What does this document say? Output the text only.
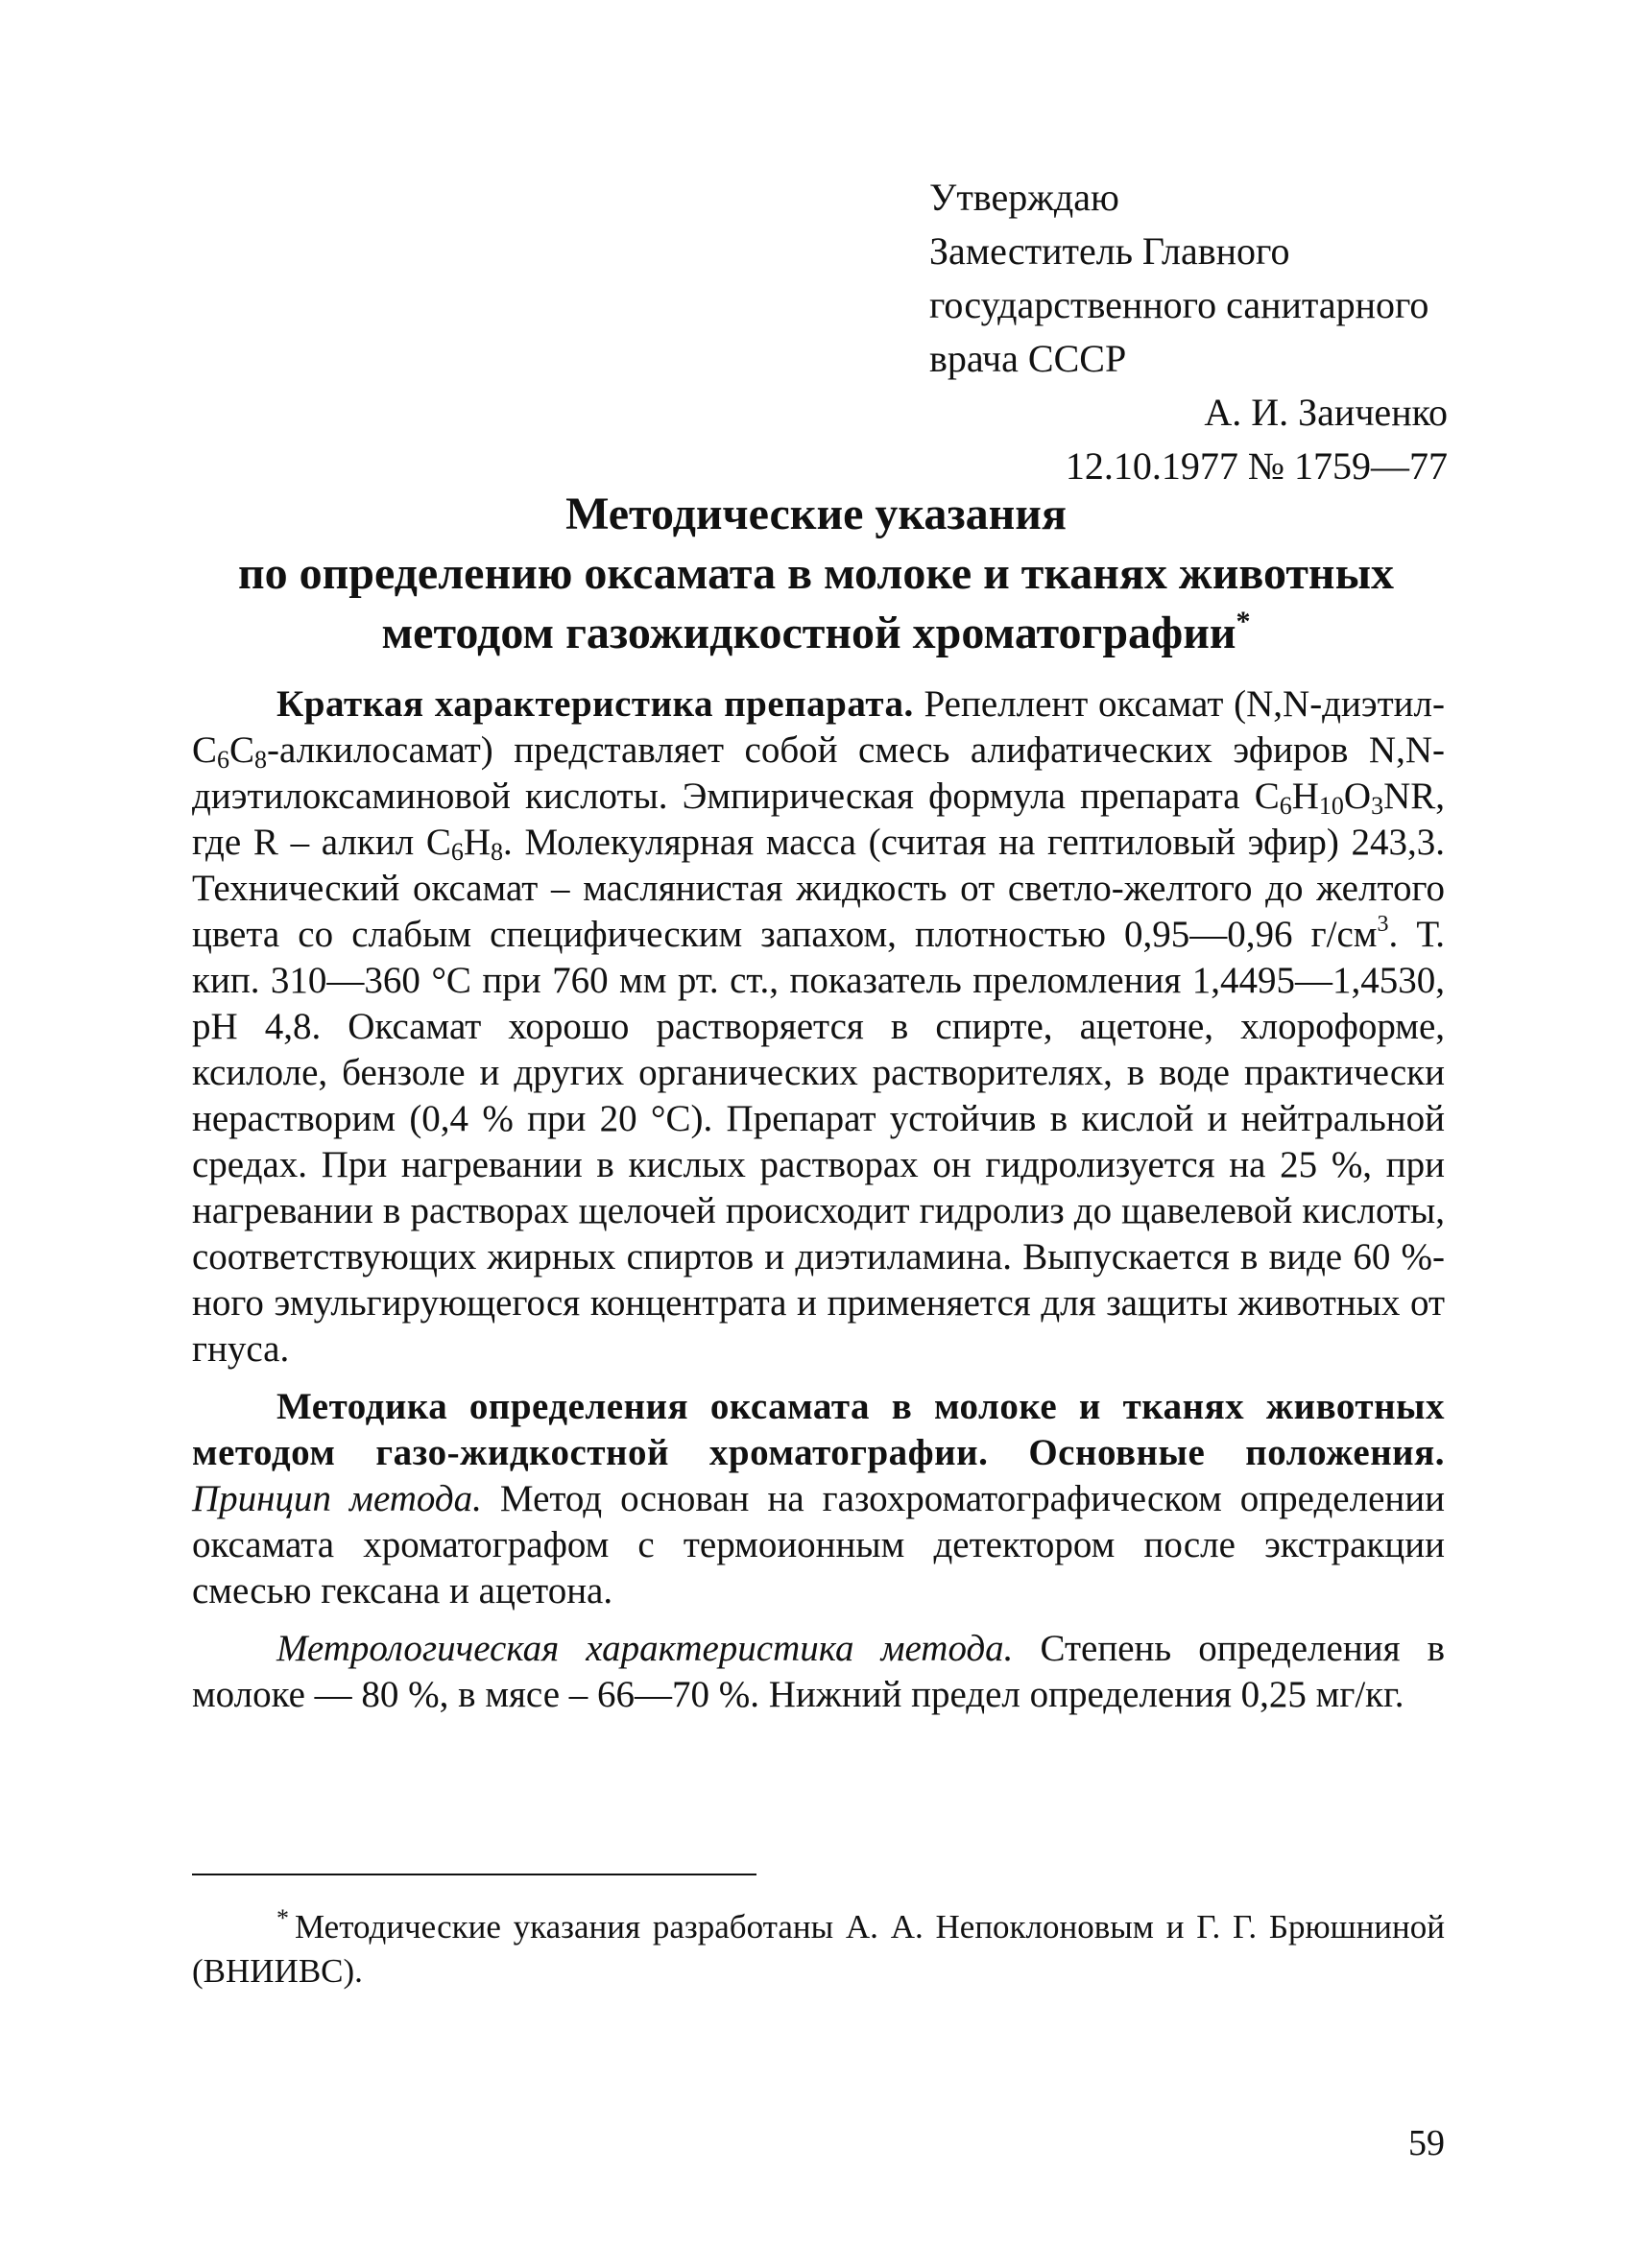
Утверждаю
Заместитель Главного
государственного санитарного
врача СССР
А. И. Заиченко
12.10.1977 № 1759—77
Методические указания
по определению оксамата в молоке и тканях животных
методом газожидкостной хроматографии*

Краткая характеристика препарата. Репеллент оксамат $(N,N-диэтил-C_6C_8-алкилосамат)$ представляет собой смесь алифатических эфиров N,N-диэтилоксаминовой кислоты. Эмпирическая формула препарата $C_6H_{10}O_3NR$, где R – алкил $C_6H_8$. Молекулярная масса (считая на гептиловый эфир) 243,3. Технический оксамат – маслянистая жидкость от светло-желтого до желтого цвета со слабым специфическим запахом, плотностью 0,95—0,96 $г/см^3$. Т. кип. 310—360 °C при 760 мм рт. ст., показатель преломления 1,4495—1,4530, pH 4,8. Оксамат хорошо растворяется в спирте, ацетоне, хлороформе, ксилоле, бензоле и других органических растворителях, в воде практически нерастворим (0,4 % при 20 °C). Препарат устойчив в кислой и нейтральной средах. При нагревании в кислых растворах он гидролизуется на 25 %, при нагревании в растворах щелочей происходит гидролиз до щавелевой кислоты, соответствующих жирных спиртов и диэтиламина. Выпускается в виде 60 %-ного эмульгирующегося концентрата и применяется для защиты животных от гнуса.

Методика определения оксамата в молоке и тканях животных методом газо-жидкостной хроматографии. Основные положения. Принцип метода. Метод основан на газохроматографическом определении оксамата хроматографом с термоионным детектором после экстракции смесью гексана и ацетона.

Метрологическая характеристика метода. Степень определения в молоке — 80 %, в мясе – 66—70 %. Нижний предел определения 0,25 мг/кг.

* Методические указания разработаны А. А. Непоклоновым и Г. Г. Брюшниной (ВНИИВС).
59
